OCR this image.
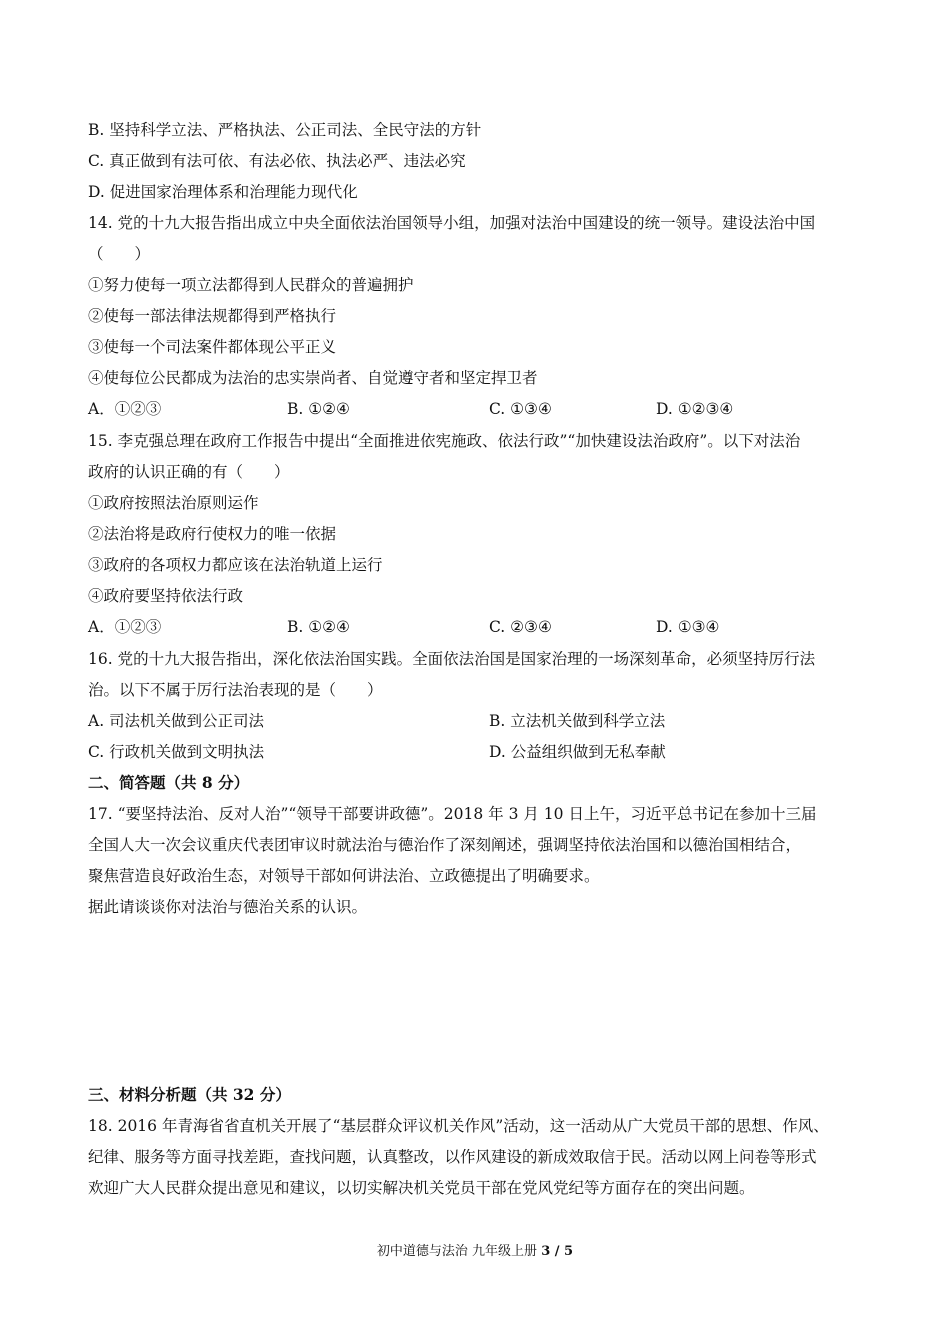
B. 坚持科学立法、严格执法、公正司法、全民守法的方针
C. 真正做到有法可依、有法必依、执法必严、违法必究
D. 促进国家治理体系和治理能力现代化
14. 党的十九大报告指出成立中央全面依法治国领导小组，加强对法治中国建设的统一领导。建设法治中国
（　　）
①努力使每一项立法都得到人民群众的普遍拥护
②使每一部法律法规都得到严格执行
③使每一个司法案件都体现公平正义
④使每位公民都成为法治的忠实崇尚者、自觉遵守者和坚定捍卫者
A．①②③	B. ①②④	C. ①③④	D. ①②③④
15. 李克强总理在政府工作报告中提出“全面推进依宪施政、依法行政”“加快建设法治政府”。以下对法治
政府的认识正确的有（　　）
①政府按照法治原则运作
②法治将是政府行使权力的唯一依据
③政府的各项权力都应该在法治轨道上运行
④政府要坚持依法行政
A．①②③	B. ①②④	C. ②③④	D. ①③④
16. 党的十九大报告指出，深化依法治国实践。全面依法治国是国家治理的一场深刻革命，必须坚持厉行法
治。以下不属于厉行法治表现的是（　　）
A. 司法机关做到公正司法	B. 立法机关做到科学立法
C. 行政机关做到文明执法	D. 公益组织做到无私奉献
二、简答题（共 8 分）
17. “要坚持法治、反对人治”“领导干部要讲政德”。2018 年 3 月 10 日上午，习近平总书记在参加十三届
全国人大一次会议重庆代表团审议时就法治与德治作了深刻阐述，强调坚持依法治国和以德治国相结合，
聚焦营造良好政治生态，对领导干部如何讲法治、立政德提出了明确要求。
据此请谈谈你对法治与德治关系的认识。
三、材料分析题（共 32 分）
18. 2016 年青海省省直机关开展了“基层群众评议机关作风”活动，这一活动从广大党员干部的思想、作风、
纪律、服务等方面寻找差距，查找问题，认真整改，以作风建设的新成效取信于民。活动以网上问卷等形式
欢迎广大人民群众提出意见和建议，以切实解决机关党员干部在党风党纪等方面存在的突出问题。
初中道德与法治 九年级上册 3 / 5
